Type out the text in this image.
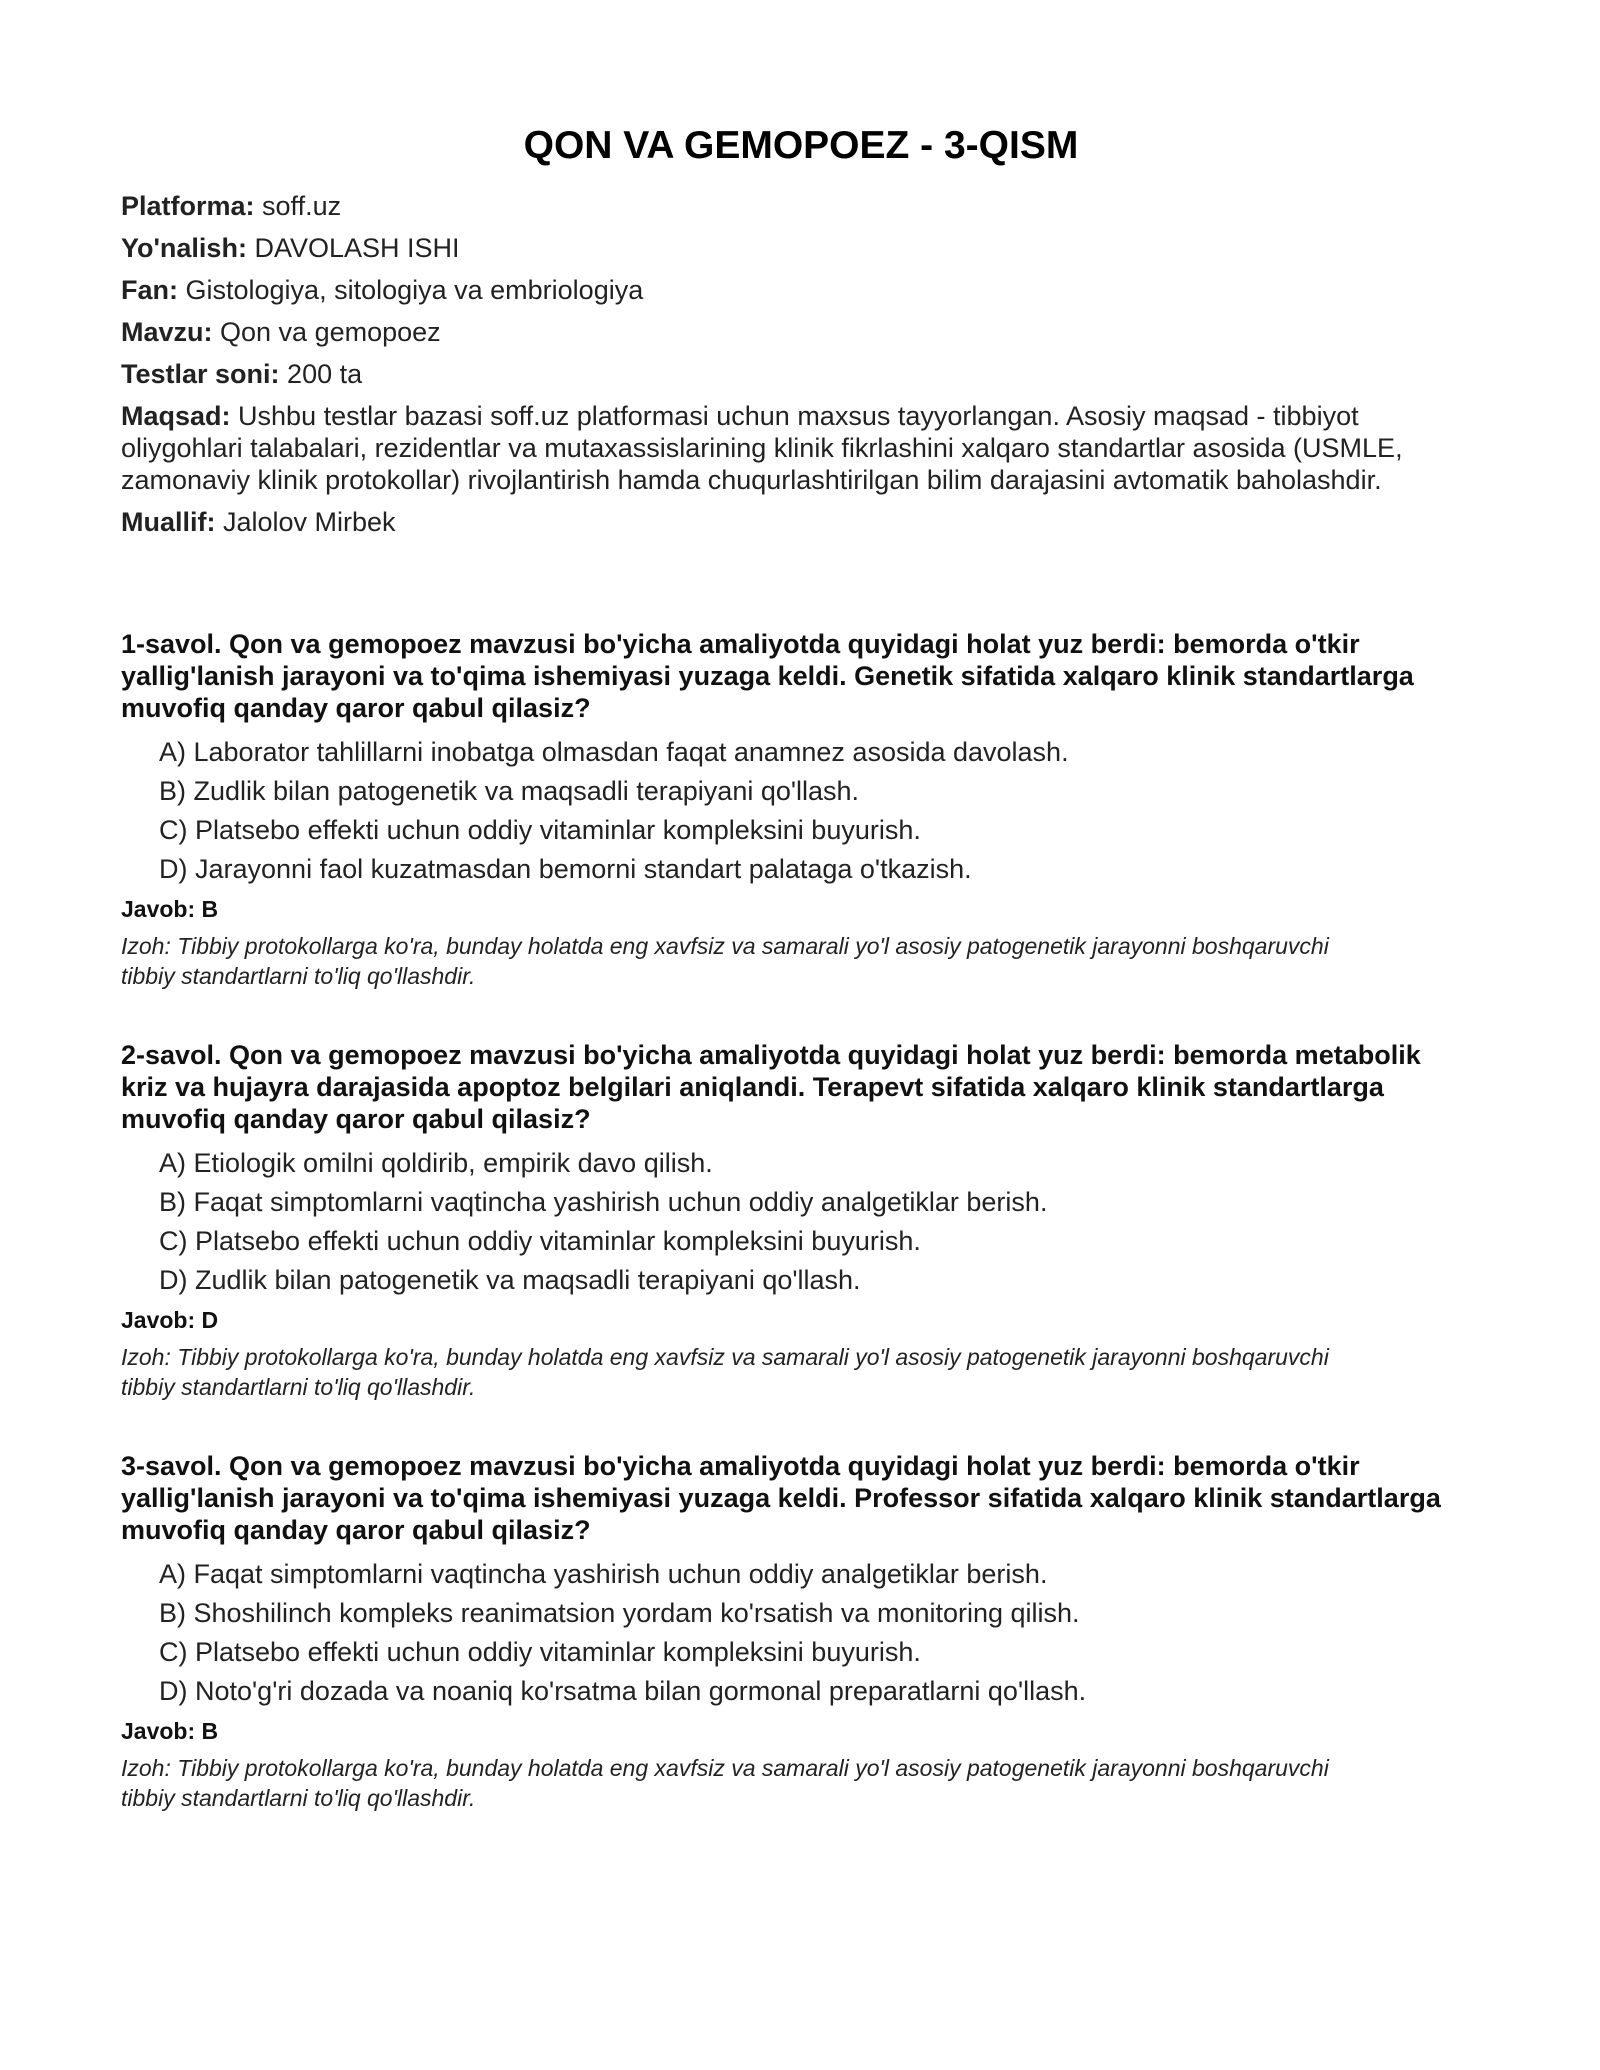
QON VA GEMOPOEZ - 3-QISM
Platforma: soff.uz
Yo'nalish: DAVOLASH ISHI
Fan: Gistologiya, sitologiya va embriologiya
Mavzu: Qon va gemopoez
Testlar soni: 200 ta
Maqsad: Ushbu testlar bazasi soff.uz platformasi uchun maxsus tayyorlangan. Asosiy maqsad - tibbiyot oliygohlari talabalari, rezidentlar va mutaxassislarining klinik fikrlashini xalqaro standartlar asosida (USMLE, zamonaviy klinik protokollar) rivojlantirish hamda chuqurlashtirilgan bilim darajasini avtomatik baholashdir.
Muallif: Jalolov Mirbek
1-savol. Qon va gemopoez mavzusi bo'yicha amaliyotda quyidagi holat yuz berdi: bemorda o'tkir yallig'lanish jarayoni va to'qima ishemiyasi yuzaga keldi. Genetik sifatida xalqaro klinik standartlarga muvofiq qanday qaror qabul qilasiz?
A) Laborator tahlillarni inobatga olmasdan faqat anamnez asosida davolash.
B) Zudlik bilan patogenetik va maqsadli terapiyani qo'llash.
C) Platsebo effekti uchun oddiy vitaminlar kompleksini buyurish.
D) Jarayonni faol kuzatmasdan bemorni standart palataga o'tkazish.
Javob: B
Izoh: Tibbiy protokollarga ko'ra, bunday holatda eng xavfsiz va samarali yo'l asosiy patogenetik jarayonni boshqaruvchi tibbiy standartlarni to'liq qo'llashdir.
2-savol. Qon va gemopoez mavzusi bo'yicha amaliyotda quyidagi holat yuz berdi: bemorda metabolik kriz va hujayra darajasida apoptoz belgilari aniqlandi. Terapevt sifatida xalqaro klinik standartlarga muvofiq qanday qaror qabul qilasiz?
A) Etiologik omilni qoldirib, empirik davo qilish.
B) Faqat simptomlarni vaqtincha yashirish uchun oddiy analgetiklar berish.
C) Platsebo effekti uchun oddiy vitaminlar kompleksini buyurish.
D) Zudlik bilan patogenetik va maqsadli terapiyani qo'llash.
Javob: D
Izoh: Tibbiy protokollarga ko'ra, bunday holatda eng xavfsiz va samarali yo'l asosiy patogenetik jarayonni boshqaruvchi tibbiy standartlarni to'liq qo'llashdir.
3-savol. Qon va gemopoez mavzusi bo'yicha amaliyotda quyidagi holat yuz berdi: bemorda o'tkir yallig'lanish jarayoni va to'qima ishemiyasi yuzaga keldi. Professor sifatida xalqaro klinik standartlarga muvofiq qanday qaror qabul qilasiz?
A) Faqat simptomlarni vaqtincha yashirish uchun oddiy analgetiklar berish.
B) Shoshilinch kompleks reanimatsion yordam ko'rsatish va monitoring qilish.
C) Platsebo effekti uchun oddiy vitaminlar kompleksini buyurish.
D) Noto'g'ri dozada va noaniq ko'rsatma bilan gormonal preparatlarni qo'llash.
Javob: B
Izoh: Tibbiy protokollarga ko'ra, bunday holatda eng xavfsiz va samarali yo'l asosiy patogenetik jarayonni boshqaruvchi tibbiy standartlarni to'liq qo'llashdir.
